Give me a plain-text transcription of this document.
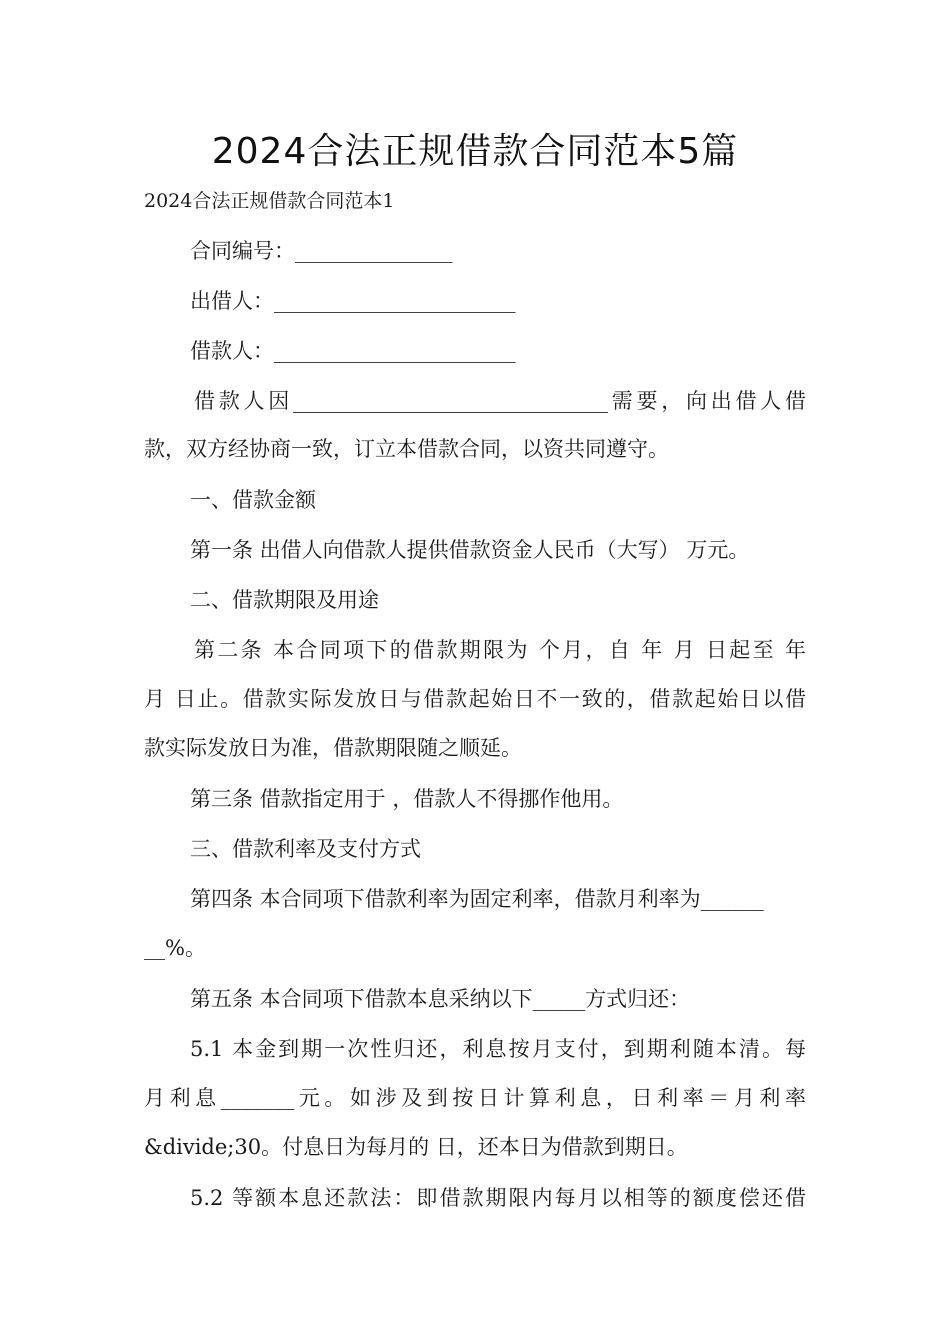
2024合法正规借款合同范本5篇
2024合法正规借款合同范本1
合同编号：_______________
出借人：_______________________
借款人：_______________________
借款人因______________________________需要，向出借人借
款，双方经协商一致，订立本借款合同，以资共同遵守。
一、借款金额
第一条 出借人向借款人提供借款资金人民币（大写） 万元。
二、借款期限及用途
第二条 本合同项下的借款期限为 个月，自 年 月 日起至 年
月 日止。借款实际发放日与借款起始日不一致的，借款起始日以借
款实际发放日为准，借款期限随之顺延。
第三条 借款指定用于 ，借款人不得挪作他用。
三、借款利率及支付方式
第四条 本合同项下借款利率为固定利率，借款月利率为______
__%。
第五条 本合同项下借款本息采纳以下_____方式归还：
5.1 本金到期一次性归还，利息按月支付，到期利随本清。每
月利息_______元。如涉及到按日计算利息，日利率＝月利率
&divide;30。付息日为每月的 日，还本日为借款到期日。
5.2 等额本息还款法：即借款期限内每月以相等的额度偿还借
